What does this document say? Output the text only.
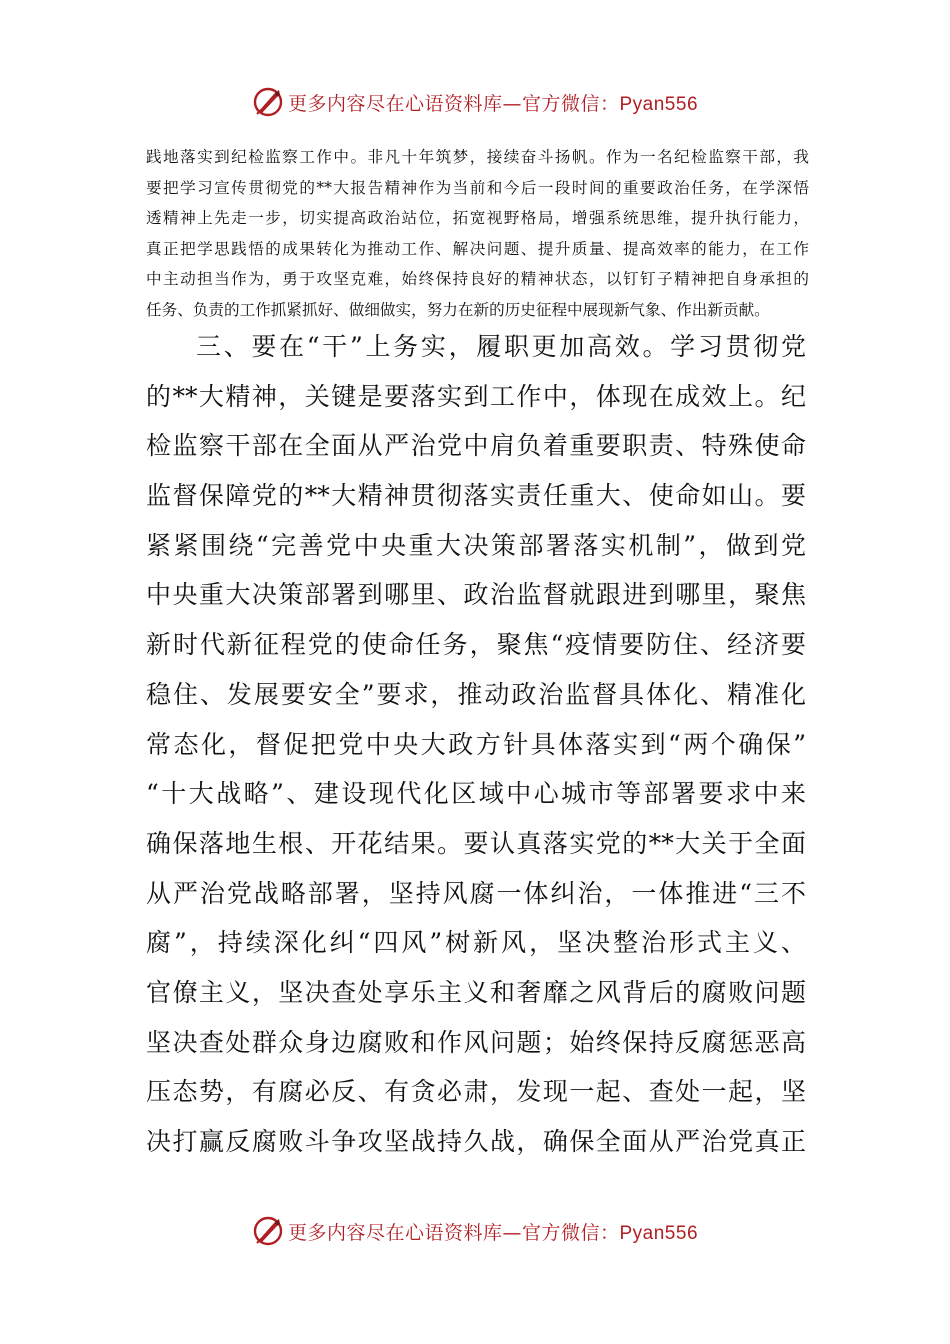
更多内容尽在心语资料库—官方微信：Pyan556
践地落实到纪检监察工作中。非凡十年筑梦，接续奋斗扬帆。作为一名纪检监察干部，我
要把学习宣传贯彻党的**大报告精神作为当前和今后一段时间的重要政治任务，在学深悟
透精神上先走一步，切实提高政治站位，拓宽视野格局，增强系统思维，提升执行能力，
真正把学思践悟的成果转化为推动工作、解决问题、提升质量、提高效率的能力，在工作
中主动担当作为，勇于攻坚克难，始终保持良好的精神状态，以钉钉子精神把自身承担的
任务、负责的工作抓紧抓好、做细做实，努力在新的历史征程中展现新气象、作出新贡献。
三、要在“干”上务实，履职更加高效。学习贯彻党
的**大精神，关键是要落实到工作中，体现在成效上。纪
检监察干部在全面从严治党中肩负着重要职责、特殊使命
监督保障党的**大精神贯彻落实责任重大、使命如山。要
紧紧围绕“完善党中央重大决策部署落实机制”，做到党
中央重大决策部署到哪里、政治监督就跟进到哪里，聚焦
新时代新征程党的使命任务，聚焦“疫情要防住、经济要
稳住、发展要安全”要求，推动政治监督具体化、精准化
常态化，督促把党中央大政方针具体落实到“两个确保”
“十大战略”、建设现代化区域中心城市等部署要求中来
确保落地生根、开花结果。要认真落实党的**大关于全面
从严治党战略部署，坚持风腐一体纠治，一体推进“三不
腐”，持续深化纠“四风”树新风，坚决整治形式主义、
官僚主义，坚决查处享乐主义和奢靡之风背后的腐败问题
坚决查处群众身边腐败和作风问题；始终保持反腐惩恶高
压态势，有腐必反、有贪必肃，发现一起、查处一起，坚
决打赢反腐败斗争攻坚战持久战，确保全面从严治党真正
更多内容尽在心语资料库—官方微信：Pyan556
